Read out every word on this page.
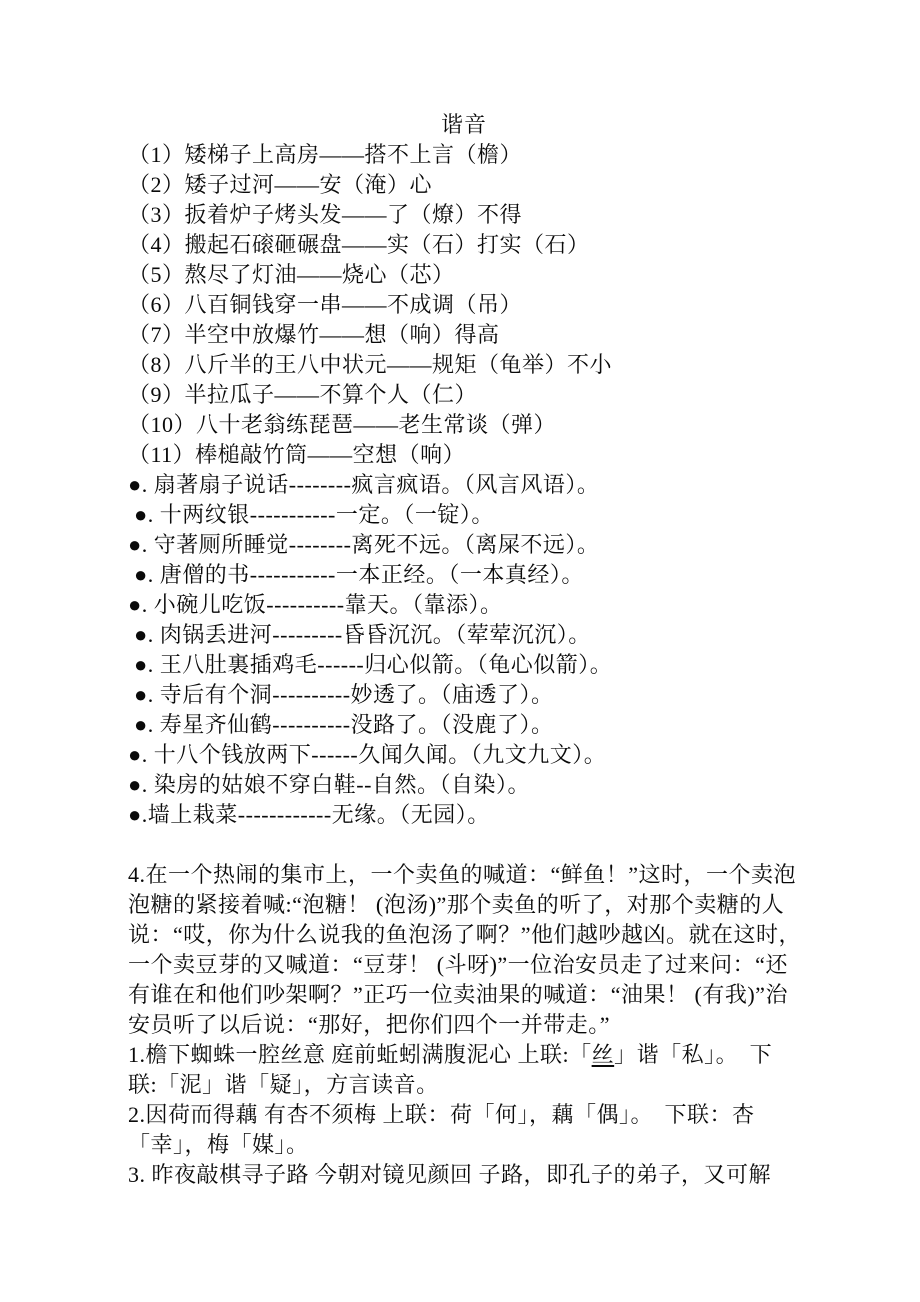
谐音
（1）矮梯子上高房——搭不上言（檐）
（2）矮子过河——安（淹）心
（3）扳着炉子烤头发——了（燎）不得
（4）搬起石磙砸碾盘——实（石）打实（石）
（5）熬尽了灯油——烧心（芯）
（6）八百铜钱穿一串——不成调（吊）
（7）半空中放爆竹——想（响）得高
（8）八斤半的王八中状元——规矩（龟举）不小
（9）半拉瓜子——不算个人（仁）
（10）八十老翁练琵琶——老生常谈（弹）
（11）棒槌敲竹筒——空想（响）
●. 扇著扇子说话--------疯言疯语。（风言风语）。
●. 十两纹银-----------一定。（一锭）。
●. 守著厕所睡觉--------离死不远。（离屎不远）。
●. 唐僧的书-----------一本正经。（一本真经）。
●. 小碗儿吃饭----------靠天。（靠添）。
●. 肉锅丢进河---------昏昏沉沉。（荤荤沉沉）。
●. 王八肚裏插鸡毛------归心似箭。（龟心似箭）。
●. 寺后有个洞----------妙透了。（庙透了）。
●. 寿星齐仙鹤----------没路了。（没鹿了）。
●. 十八个钱放两下------久闻久闻。（九文九文）。
●. 染房的姑娘不穿白鞋--自然。（自染）。
●.墙上栽菜------------无缘。（无园）。
4.在一个热闹的集市上，一个卖鱼的喊道：“鲜鱼！”这时，一个卖泡
泡糖的紧接着喊:“泡糖！ (泡汤)”那个卖鱼的听了，对那个卖糖的人
说：“哎，你为什么说我的鱼泡汤了啊？”他们越吵越凶。就在这时，
一个卖豆芽的又喊道：“豆芽！ (斗呀)”一位治安员走了过来问：“还
有谁在和他们吵架啊？”正巧一位卖油果的喊道：“油果！ (有我)”治
安员听了以后说：“那好，把你们四个一并带走。”
1.檐下蜘蛛一腔丝意 庭前蚯蚓满腹泥心 上联:「丝」谐「私」。　下
联:「泥」谐「疑」，方言读音。
2.因荷而得藕 有杏不须梅 上联：荷「何」，藕「偶」。　下联：杏
「幸」，梅「媒」。
3. 昨夜敲棋寻子路 今朝对镜见颜回 子路，即孔子的弟子，又可解
